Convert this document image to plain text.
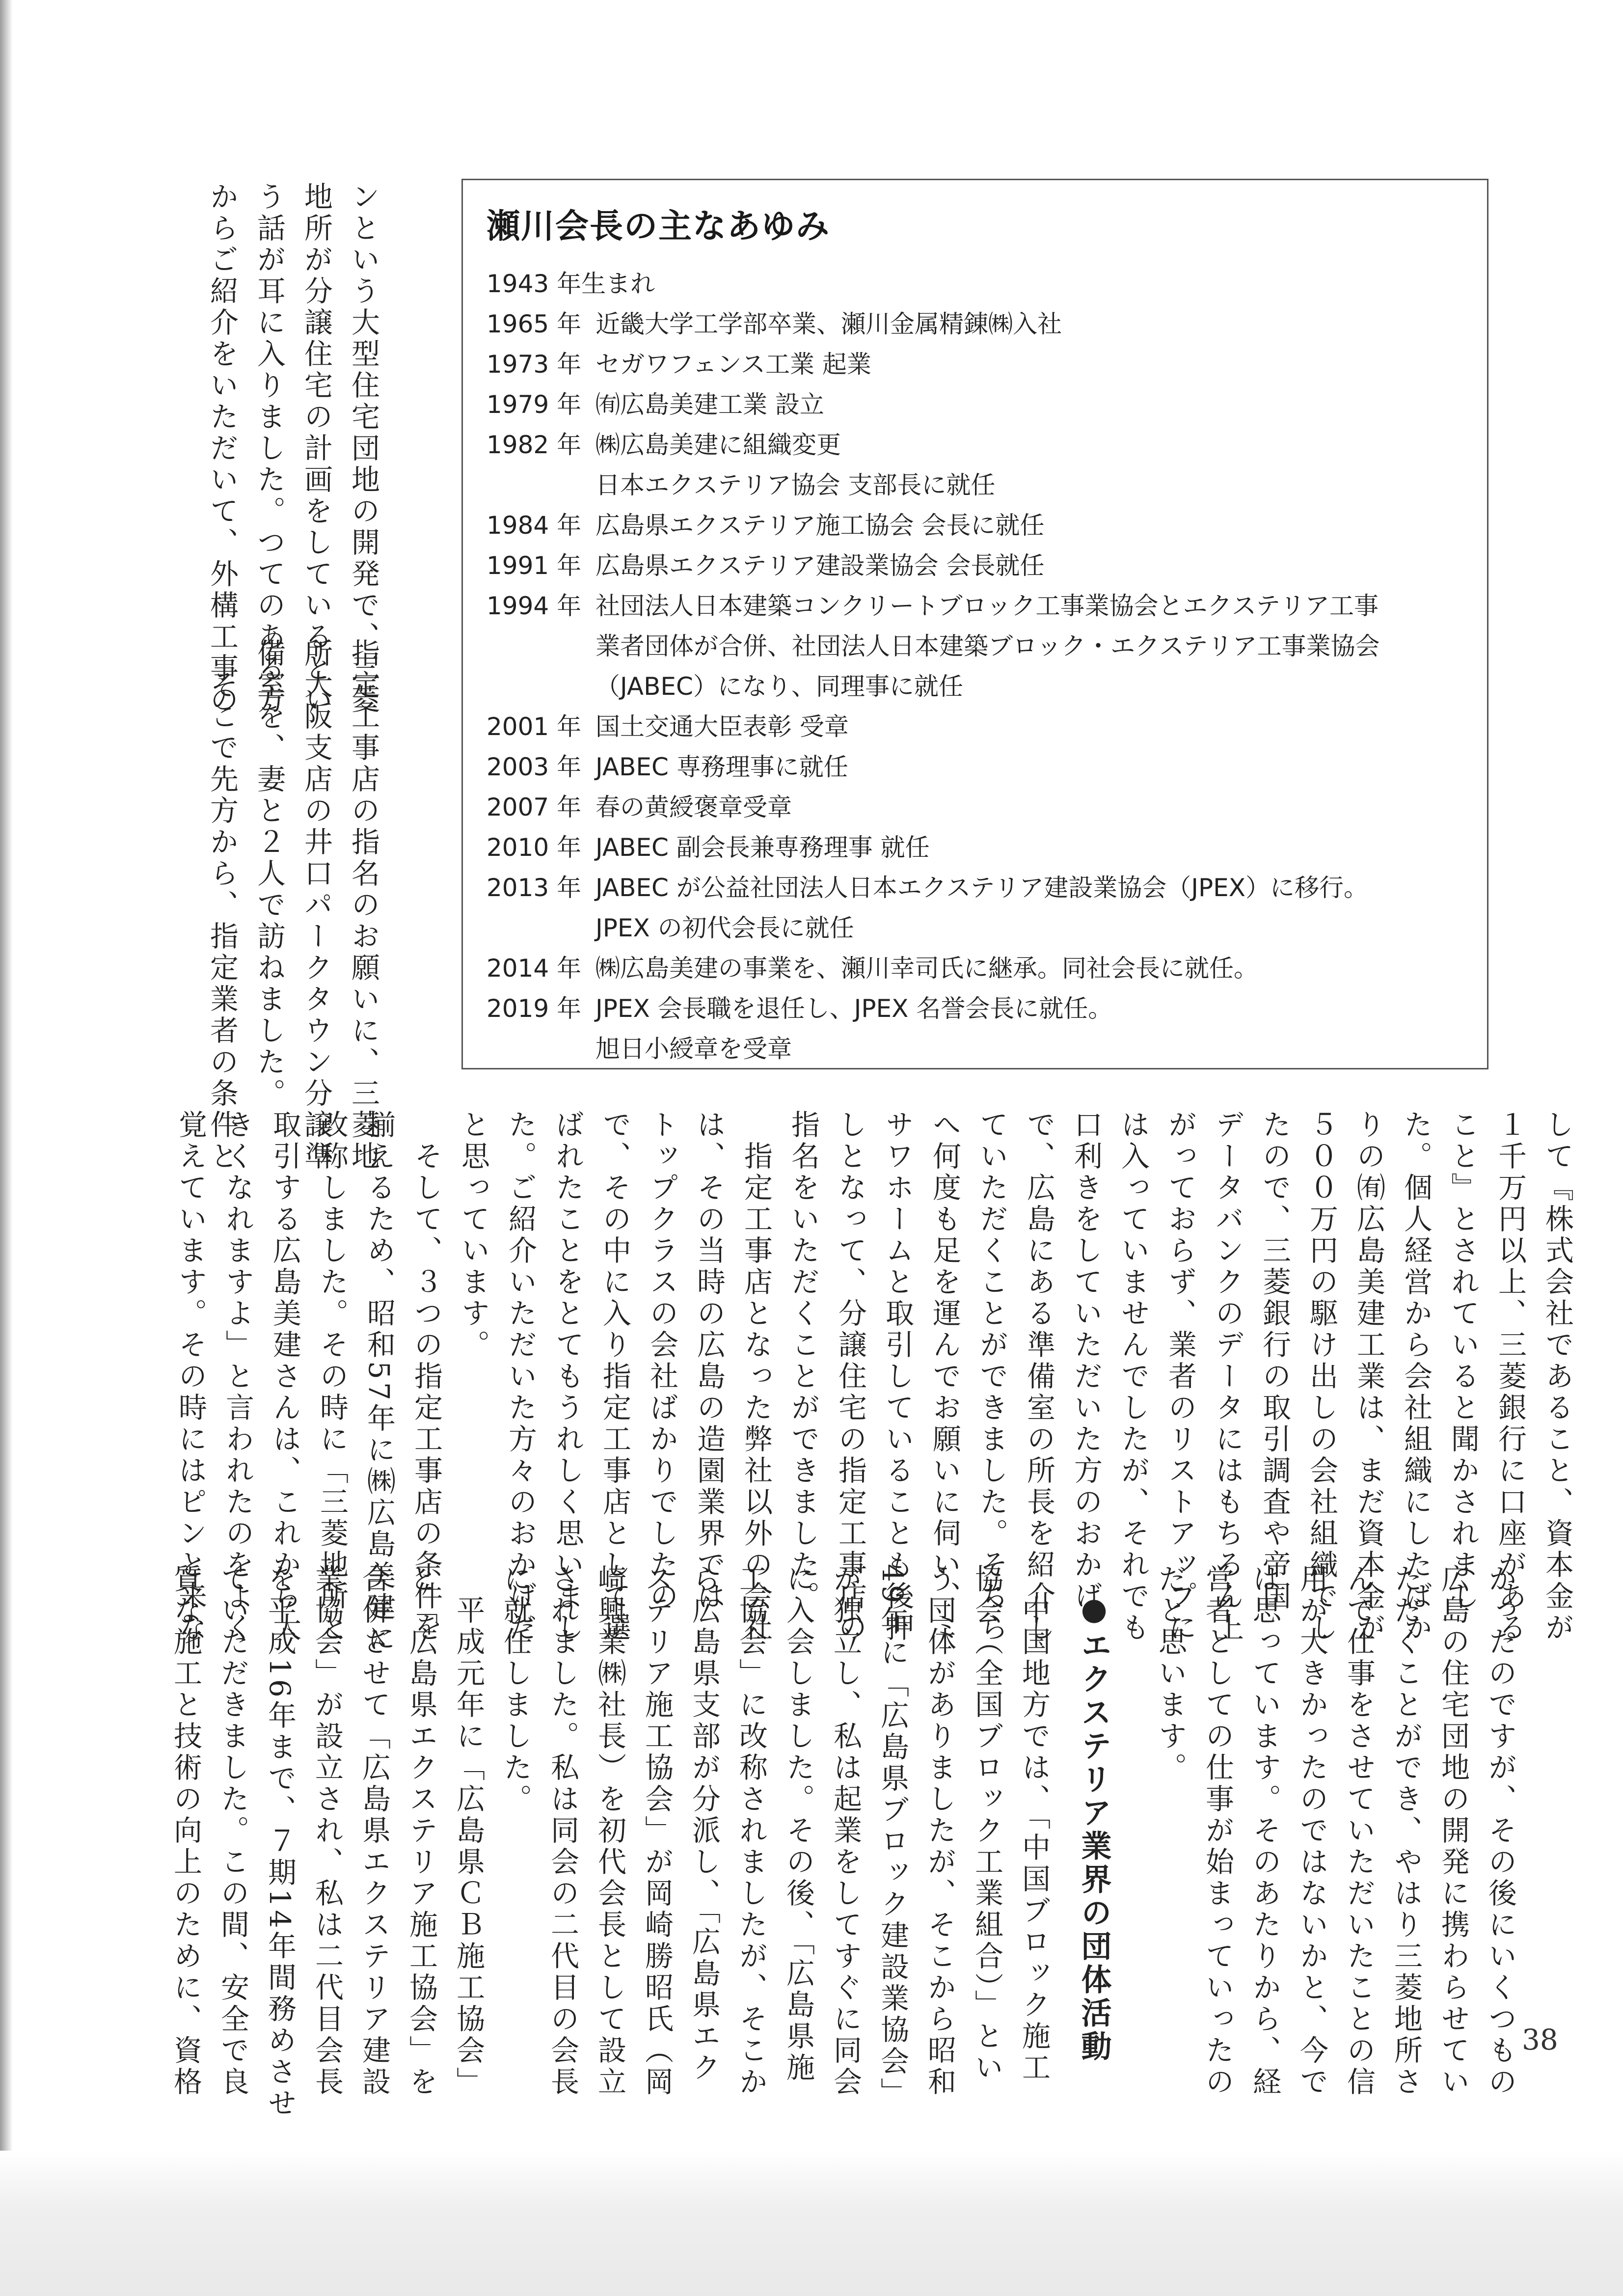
ンという大型住宅団地の開発で、三菱
地所が分譲住宅の計画をしているとい
う話が耳に入りました。つてのある方
からご紹介をいただいて、外構工事の
指定工事店の指名のお願いに、三菱地
所大阪支店の井口パークタウン分譲準
備室を、妻と２人で訪ねました。
　そこで先方から、指定業者の条件と
瀬川会長の主なあゆみ
1943 年生まれ
1965 年 近畿大学工学部卒業、瀬川金属精錬㈱入社
1973 年 セガワフェンス工業 起業
1979 年 ㈲広島美建工業 設立
1982 年 ㈱広島美建に組織変更
日本エクステリア協会 支部長に就任
1984 年 広島県エクステリア施工協会 会長に就任
1991 年 広島県エクステリア建設業協会 会長就任
1994 年 社団法人日本建築コンクリートブロック工事業協会とエクステリア工事
業者団体が合併、社団法人日本建築ブロック・エクステリア工事業協会
（JABEC）になり、同理事に就任
2001 年 国土交通大臣表彰 受章
2003 年 JABEC 専務理事に就任
2007 年 春の黄綬褒章受章
2010 年 JABEC 副会長兼専務理事 就任
2013 年 JABEC が公益社団法人日本エクステリア建設業協会（JPEX）に移行。
JPEX の初代会長に就任
2014 年 ㈱広島美建の事業を、瀬川幸司氏に継承。同社会長に就任。
2019 年 JPEX 会長職を退任し、JPEX 名誉会長に就任。
旭日小綬章を受章
して『株式会社であること、資本金が
１千万円以上、三菱銀行に口座がある
こと』とされていると聞かされまし
た。個人経営から会社組織にしたばか
りの㈲広島美建工業は、まだ資本金が
５００万円の駆け出しの会社組織でし
たので、三菱銀行の取引調査や帝国
データバンクのデータにはもちろん上
がっておらず、業者のリストアップに
は入っていませんでしたが、それでも
口利きをしていただいた方のおかげ
で、広島にある準備室の所長を紹介し
ていただくことができました。そちら
へ何度も足を運んでお願いに伺い、ミ
サワホームと取引していることも後押
しとなって、分譲住宅の指定工事店の
指名をいただくことができました。
　指定工事店となった弊社以外の会社
は、その当時の広島の造園業界では
トップクラスの会社ばかりでしたの
で、その中に入り指定工事店として選
ばれたことをとてもうれしく思いまし
た。ご紹介いただいた方々のおかげだ
と思っています。
　そして、３つの指定工事店の条件を
揃えるため、昭和57年に㈱広島美建に
改称しました。その時に「三菱地所と
取引する広島美建さんは、これから大
きくなれますよ」と言われたのをよく
覚えています。その時にはピンと来な
かったのですが、その後にいくつもの
広島の住宅団地の開発に携わらせてい
ただくことができ、やはり三菱地所さ
んで仕事をさせていただいたことの信
用が大きかったのではないかと、今で
は思っています。そのあたりから、経
営者としての仕事が始まっていったの
だと思います。
●エクステリア業界の団体活動
　中国地方では、「中国ブロック施工
協会（全国ブロック工業組合）」とい
う団体がありましたが、そこから昭和
49年に「広島県ブロック建設業協会」
が独立し、私は起業をしてすぐに同会
に入会しました。その後、「広島県施
工協会」に改称されましたが、そこか
ら広島県支部が分派し、「広島県エク
ステリア施工協会」が岡崎勝昭氏（岡
崎興業㈱社長）を初代会長として設立
されました。私は同会の二代目の会長
に就任しました。
　平成元年に「広島県ＣＢ施工協会」
と「広島県エクステリア施工協会」を
合併させて「広島県エクステリア建設
業協会」が設立され、私は二代目会長
を平成16年まで、７期14年間務めさせ
ていただきました。この間、安全で良
質な施工と技術の向上のために、資格	38
